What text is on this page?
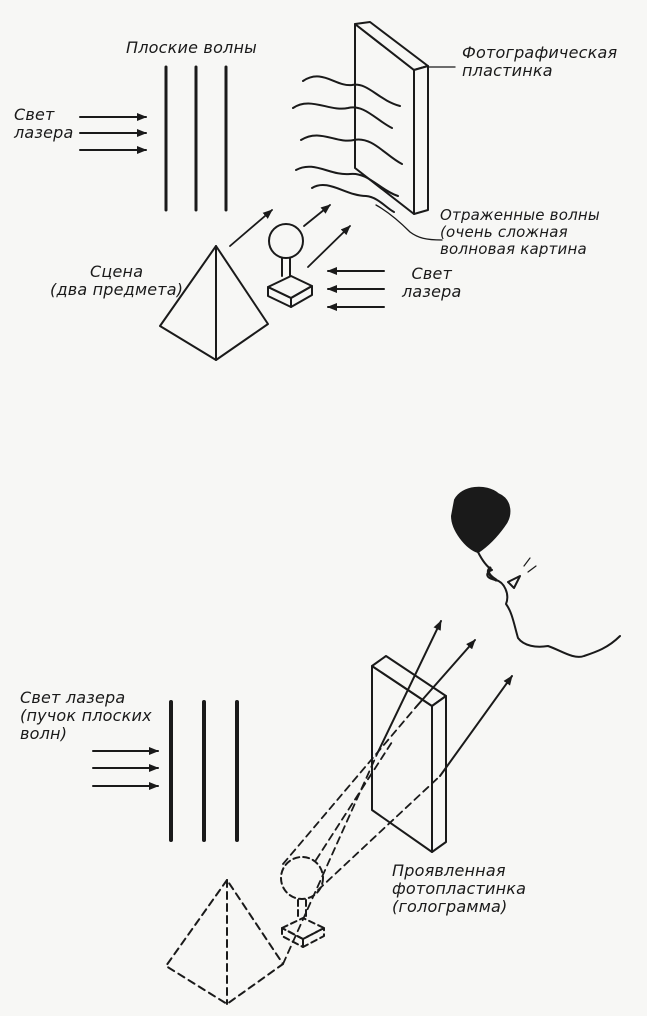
Плоские волны	Фотографическая
пластинка
Свет
лазера
Отраженные волны
(очень сложная
волновая картина
Сцена
(два предмета)
Свет
лазера
Свет лазера
(пучок плоских
волн)
Проявленная
фотопластинка
(голограмма)
